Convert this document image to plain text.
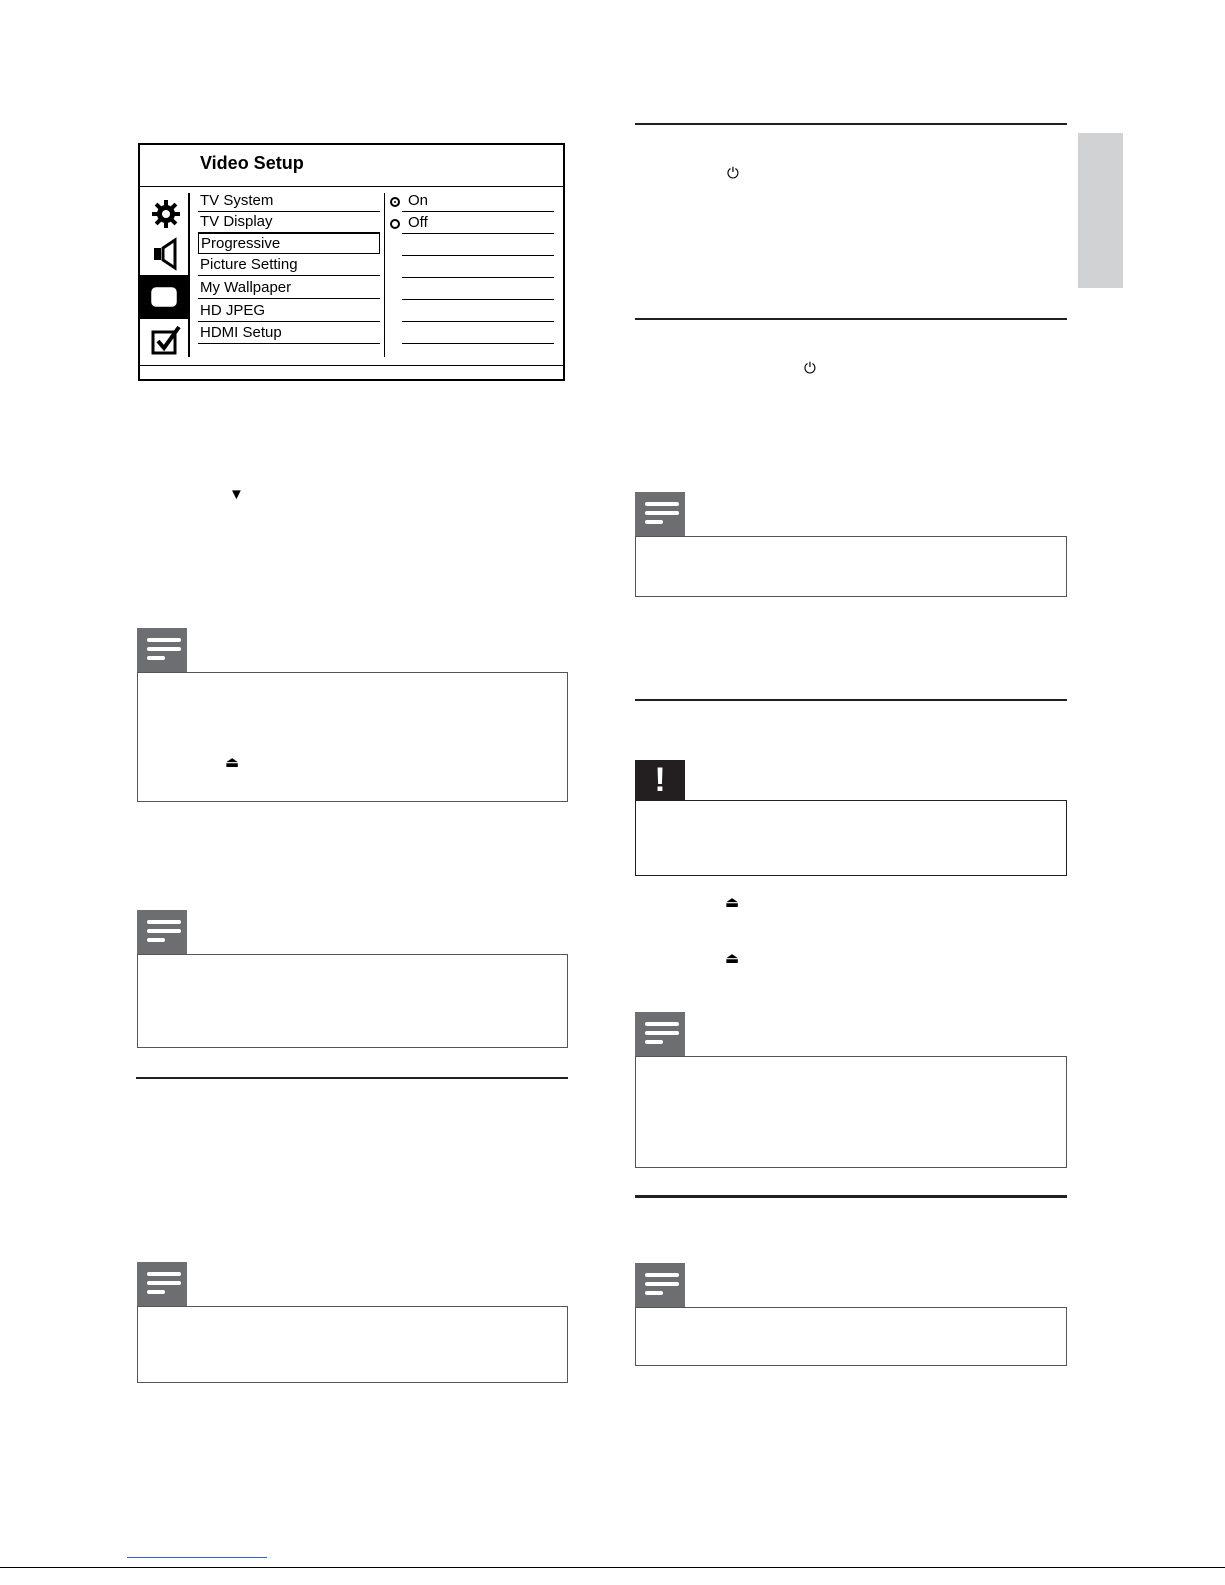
Video Setup
TV System
TV Display
Progressive
Picture Setting
My Wallpaper
HD JPEG
HDMI Setup
On
Off
▼
⏏
⏻
⏻
!
⏏
⏏
